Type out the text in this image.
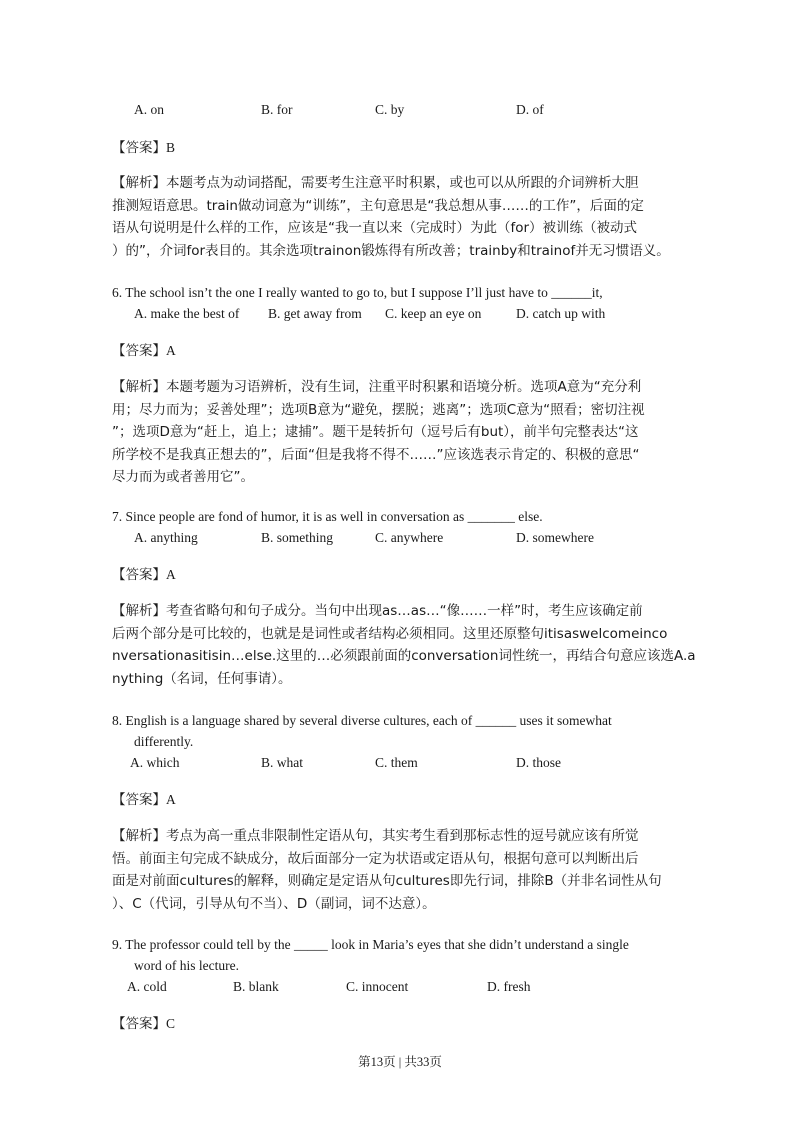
A. on	B. for	C. by	D. of
【答案】B

【解析】本题考点为动词搭配，需要考生注意平时积累，或也可以从所跟的介词辨析大胆

推测短语意思。train做动词意为“训练”，主句意思是“我总想从事……的工作”，后面的定

语从句说明是什么样的工作，应该是“我一直以来（完成时）为此（for）被训练（被动式

）的”，介词for表目的。其余选项trainon锻炼得有所改善；trainby和trainof并无习惯语义。

6. The school isn’t the one I really wanted to go to, but I suppose I’ll just have to ______it,
A. make the best of B. get away from C. keep an eye on	D. catch up with
【答案】A

【解析】本题考题为习语辨析，没有生词，注重平时积累和语境分析。选项A意为“充分利

用；尽力而为；妥善处理”；选项B意为“避免，摆脱；逃离”；选项C意为“照看；密切注视

”；选项D意为“赶上，追上；逮捕”。题干是转折句（逗号后有but），前半句完整表达“这

所学校不是我真正想去的”，后面“但是我将不得不……”应该选表示肯定的、积极的意思“

尽力而为或者善用它”。

7. Since people are fond of humor, it is as well in conversation as _______ else.
A. anything	B. something	C. anywhere	D. somewhere
【答案】A

【解析】考查省略句和句子成分。当句中出现as…as…“像……一样”时，考生应该确定前

后两个部分是可比较的，也就是是词性或者结构必须相同。这里还原整句itisaswelcomeinco

nversationasitisin…else.这里的…必须跟前面的conversation词性统一，再结合句意应该选A.a

nything（名词，任何事请）。

8. English is a language shared by several diverse cultures, each of ______ uses it somewhat
differently.
A. which	B. what	C. them	D. those
【答案】A

【解析】考点为高一重点非限制性定语从句，其实考生看到那标志性的逗号就应该有所觉

悟。前面主句完成不缺成分，故后面部分一定为状语或定语从句，根据句意可以判断出后

面是对前面cultures的解释，则确定是定语从句cultures即先行词，排除B（并非名词性从句

）、C（代词，引导从句不当）、D（副词，词不达意）。

9. The professor could tell by the _____ look in Maria’s eyes that she didn’t understand a single
word of his lecture.
A. cold	B. blank	C. innocent	D. fresh
【答案】C
第13页 | 共33页
